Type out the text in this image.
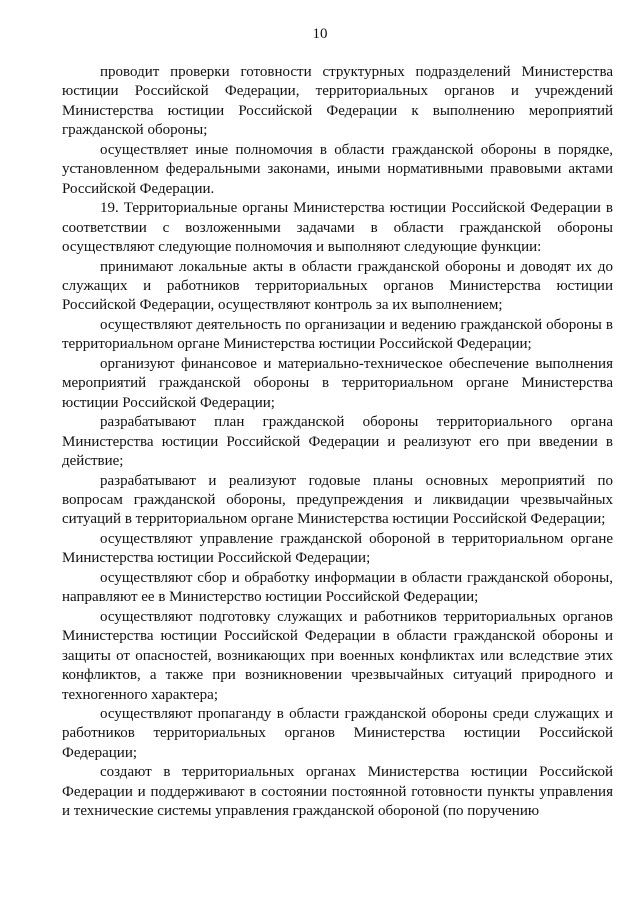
10

проводит проверки готовности структурных подразделений Министерства юстиции Российской Федерации, территориальных органов и учреждений Министерства юстиции Российской Федерации к выполнению мероприятий гражданской обороны;

осуществляет иные полномочия в области гражданской обороны в порядке, установленном федеральными законами, иными нормативными правовыми актами Российской Федерации.

19. Территориальные органы Министерства юстиции Российской Федерации в соответствии с возложенными задачами в области гражданской обороны осуществляют следующие полномочия и выполняют следующие функции:

принимают локальные акты в области гражданской обороны и доводят их до служащих и работников территориальных органов Министерства юстиции Российской Федерации, осуществляют контроль за их выполнением;

осуществляют деятельность по организации и ведению гражданской обороны в территориальном органе Министерства юстиции Российской Федерации;

организуют финансовое и материально-техническое обеспечение выполнения мероприятий гражданской обороны в территориальном органе Министерства юстиции Российской Федерации;

разрабатывают план гражданской обороны территориального органа Министерства юстиции Российской Федерации и реализуют его при введении в действие;

разрабатывают и реализуют годовые планы основных мероприятий по вопросам гражданской обороны, предупреждения и ликвидации чрезвычайных ситуаций в территориальном органе Министерства юстиции Российской Федерации;

осуществляют управление гражданской обороной в территориальном органе Министерства юстиции Российской Федерации;

осуществляют сбор и обработку информации в области гражданской обороны, направляют ее в Министерство юстиции Российской Федерации;

осуществляют подготовку служащих и работников территориальных органов Министерства юстиции Российской Федерации в области гражданской обороны и защиты от опасностей, возникающих при военных конфликтах или вследствие этих конфликтов, а также при возникновении чрезвычайных ситуаций природного и техногенного характера;

осуществляют пропаганду в области гражданской обороны среди служащих и работников территориальных органов Министерства юстиции Российской Федерации;

создают в территориальных органах Министерства юстиции Российской Федерации и поддерживают в состоянии постоянной готовности пункты управления и технические системы управления гражданской обороной (по поручению
